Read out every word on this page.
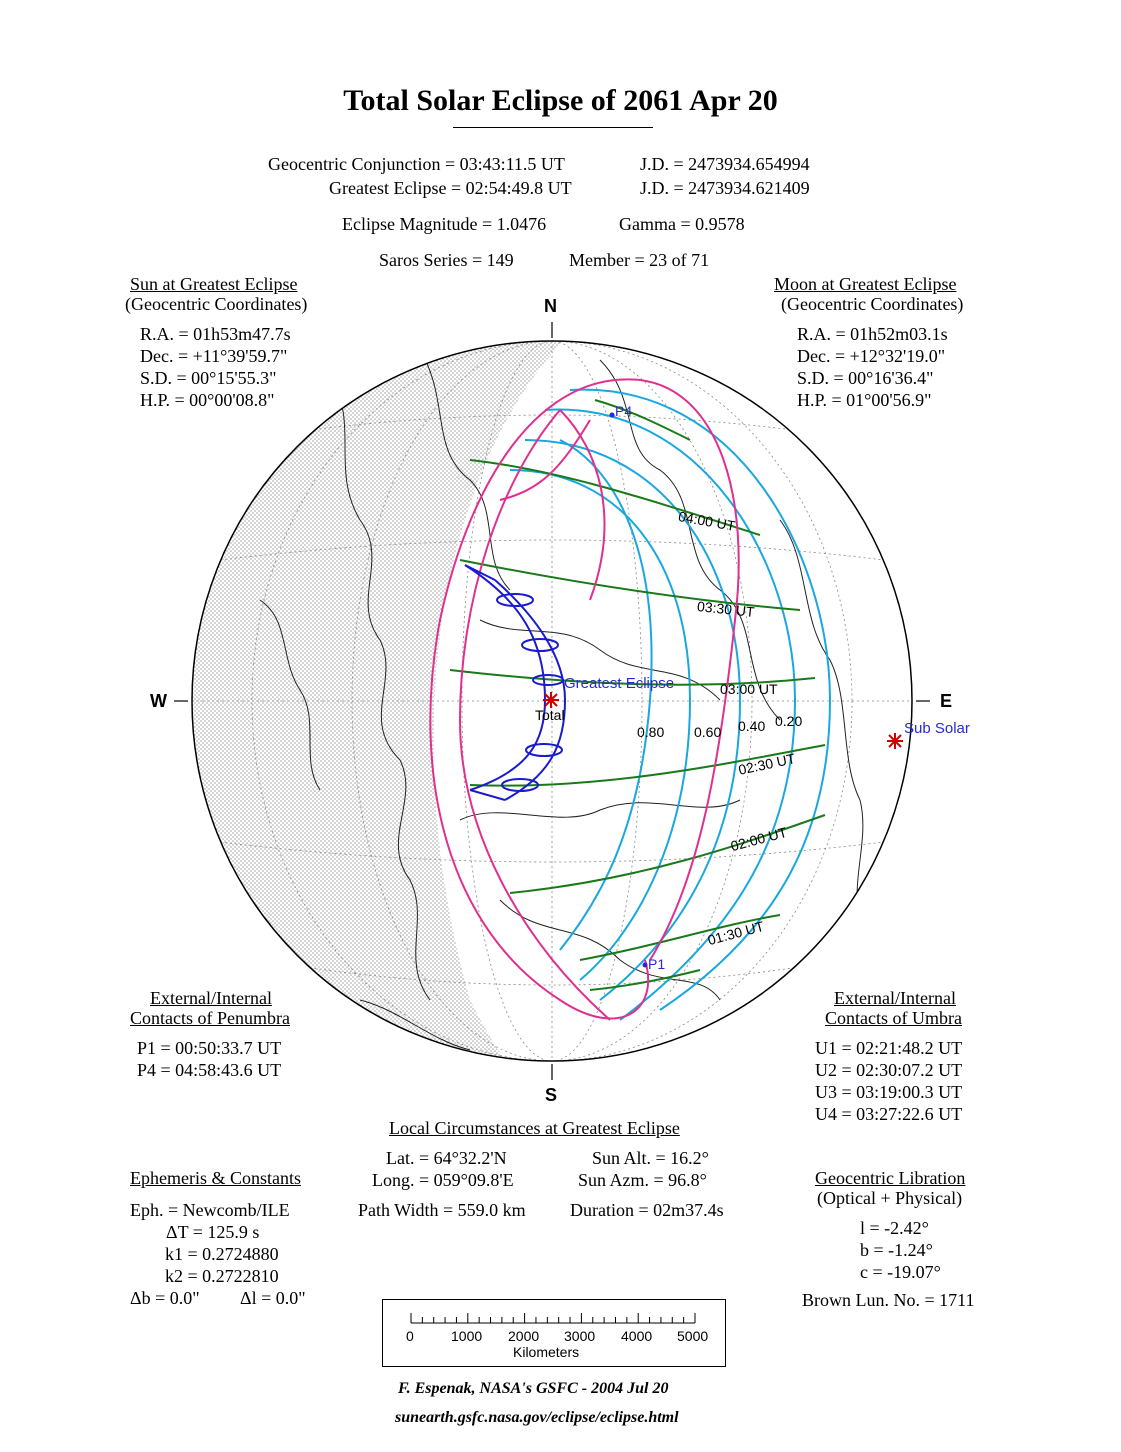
Total Solar Eclipse of 2061 Apr 20
Geocentric Conjunction = 03:43:11.5 UT	J.D. = 2473934.654994
Greatest Eclipse = 02:54:49.8 UT	J.D. = 2473934.621409
Eclipse Magnitude = 1.0476	Gamma = 0.9578
Saros Series = 149	Member = 23 of 71
Sun at Greatest Eclipse
(Geocentric Coordinates)
R.A. = 01h53m47.7s
Dec. = +11°39'59.7"
S.D. = 00°15'55.3"
H.P. = 00°00'08.8"
Moon at Greatest Eclipse
(Geocentric Coordinates)
R.A. = 01h52m03.1s
Dec. = +12°32'19.0"
S.D. = 00°16'36.4"
H.P. = 01°00'56.9"
N
S
W	E
Greatest Eclipse
Total
Sub Solar
P4
P1
04:00 UT
03:30 UT
03:00 UT
02:30 UT
02:00 UT
01:30 UT
0.80 0.60 0.40 0.20
External/Internal
Contacts of Penumbra
P1 = 00:50:33.7 UT
P4 = 04:58:43.6 UT
External/Internal
Contacts of Umbra
U1 = 02:21:48.2 UT
U2 = 02:30:07.2 UT
U3 = 03:19:00.3 UT
U4 = 03:27:22.6 UT
Local Circumstances at Greatest Eclipse
Lat. = 64°32.2'N	Sun Alt. = 16.2°
Long. = 059°09.8'E	Sun Azm. = 96.8°
Path Width = 559.0 km Duration = 02m37.4s
Ephemeris & Constants
Eph. = Newcomb/ILE
ΔT = 125.9 s
k1 = 0.2724880
k2 = 0.2722810
Δb = 0.0" Δl = 0.0"
Geocentric Libration
(Optical + Physical)
l = -2.42°
b = -1.24°
c = -19.07°
Brown Lun. No. = 1711
0	1000 2000 3000 4000 5000
Kilometers
F. Espenak, NASA's GSFC - 2004 Jul 20
sunearth.gsfc.nasa.gov/eclipse/eclipse.html
